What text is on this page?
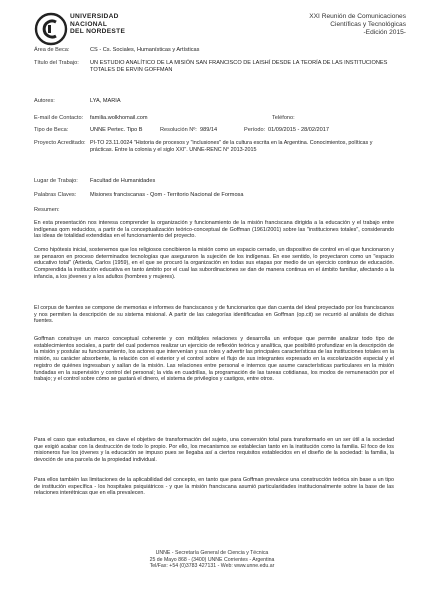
UNIVERSIDAD
NACIONAL
DEL NORDESTE
XXI Reunión de Comunicaciones
Científicas y Tecnológicas
-Edición 2015-
Área de Beca:	CS - Cs. Sociales, Humanísticas y Artísticas
Título del Trabajo: UN ESTUDIO ANALÍTICO DE LA MISIÓN SAN FRANCISCO DE LAISHÍ DESDE LA TEORÍA DE LAS INSTITUCIONES TOTALES DE ERVIN GOFFMAN
Autores:	LYA, MARIA
E-mail de Contacto: familia.wolkhomail.com	Teléfono:
Tipo de Beca:	UNNE Pertec. Tipo B	Resolución Nº: 989/14	Período: 01/09/2015 - 28/02/2017
Proyecto Acreditado: PI-TO 23.11.0024 "Historia de procesos y "inclusiones" de la cultura escrita en la Argentina. Conocimientos, políticas y prácticas. Entre la colonia y el siglo XXI". UNNE-RENC N° 2013-2015
Lugar de Trabajo: Facultad de Humanidades
Palabras Claves: Misiones franciscanas - Qom - Territorio Nacional de Formosa
Resumen:
En esta presentación nos interesa comprender la organización y funcionamiento de la misión franciscana dirigida a la educación y el trabajo entre indígenas qom reducidos, a partir de la conceptualización teórico-conceptual de Goffman (1961/2001) sobre las "instituciones totales", considerando las ideas de totalidad extendidas en el funcionamiento del proyecto.
Como hipótesis inicial, sostenemos que los religiosos concibieron la misión como un espacio cerrado, un dispositivo de control en el que funcionaron y se pensaron en proceso determinados tecnologías que aseguraron la sujeción de los indígenas. En ese sentido, lo proyectaron como un "espacio educativo total" (Artieda, Carlos (1959), en el que se procuró la organización en todas sus etapas por medio de un ejercicio continuo de educación. Comprendida la institución educativa en tanto ámbito por el cual las subordinaciones se dan de manera continua en el ámbito familiar, afectando a la infancia, a los jóvenes y a los adultos (hombres y mujeres).
El corpus de fuentes se compone de memorias e informes de franciscanos y de funcionarios que dan cuenta del ideal proyectado por los franciscanos y nos permiten la descripción de su sistema misional. A partir de las categorías identificadas en Goffman (op.cit) se recurrió al análisis de dichas fuentes.
Goffman construye un marco conceptual coherente y con múltiples relaciones y desarrolla un enfoque que permite analizar todo tipo de establecimientos sociales, a partir del cual podemos realizar un ejercicio de reflexión teórica y analítica, que posibilitó profundizar en la descripción de la misión y postular su funcionamiento, los actores que intervenían y sus roles y advertir las principales características de las instituciones totales en la misión, su carácter absorbente, la relación con el exterior y el control sobre el flujo de sus integrantes expresado en la escolarización especial y el registro de quiénes ingresaban y salían de la misión. Las relaciones entre personal e internos que asume características particulares en la misión fundadas en la supervisión y control del personal; la vida en cuadrillas, la programación de las tareas cotidianas, los modos de remuneración por el trabajo; y el control sobre cómo se gastará el dinero, el sistema de privilegios y castigos, entre otros.
Para el caso que estudiamos, es clave el objetivo de transformación del sujeto, una conversión total para transformarlo en un ser útil a la sociedad que exigió acabar con la destrucción de todo lo propio. Por ello, los mecanismos se establecían tanto en la institución como la familia. El foco de los misioneros fue los jóvenes y la educación se impuso pues se llegaba así a ciertos requisitos establecidos en el diseño de la sociedad: la familia, la devoción de una parcela de la propiedad individual.
Para ellos también las limitaciones de la aplicabilidad del concepto, en tanto que para Goffman prevalece una construcción teórica sin base a un tipo de institución específica - los hospitales psiquiátricos - y que la misión franciscana asumió particularidades institucionalmente sobre la base de las relaciones interétnicas que en ella prevalecen.
UNNE - Secretaría General de Ciencia y Técnica
25 de Mayo 868 - (3400) UNNE Corrientes - Argentina
Tel/Fax: +54 (0)3783 427131 - Web: www.unne.edu.ar
